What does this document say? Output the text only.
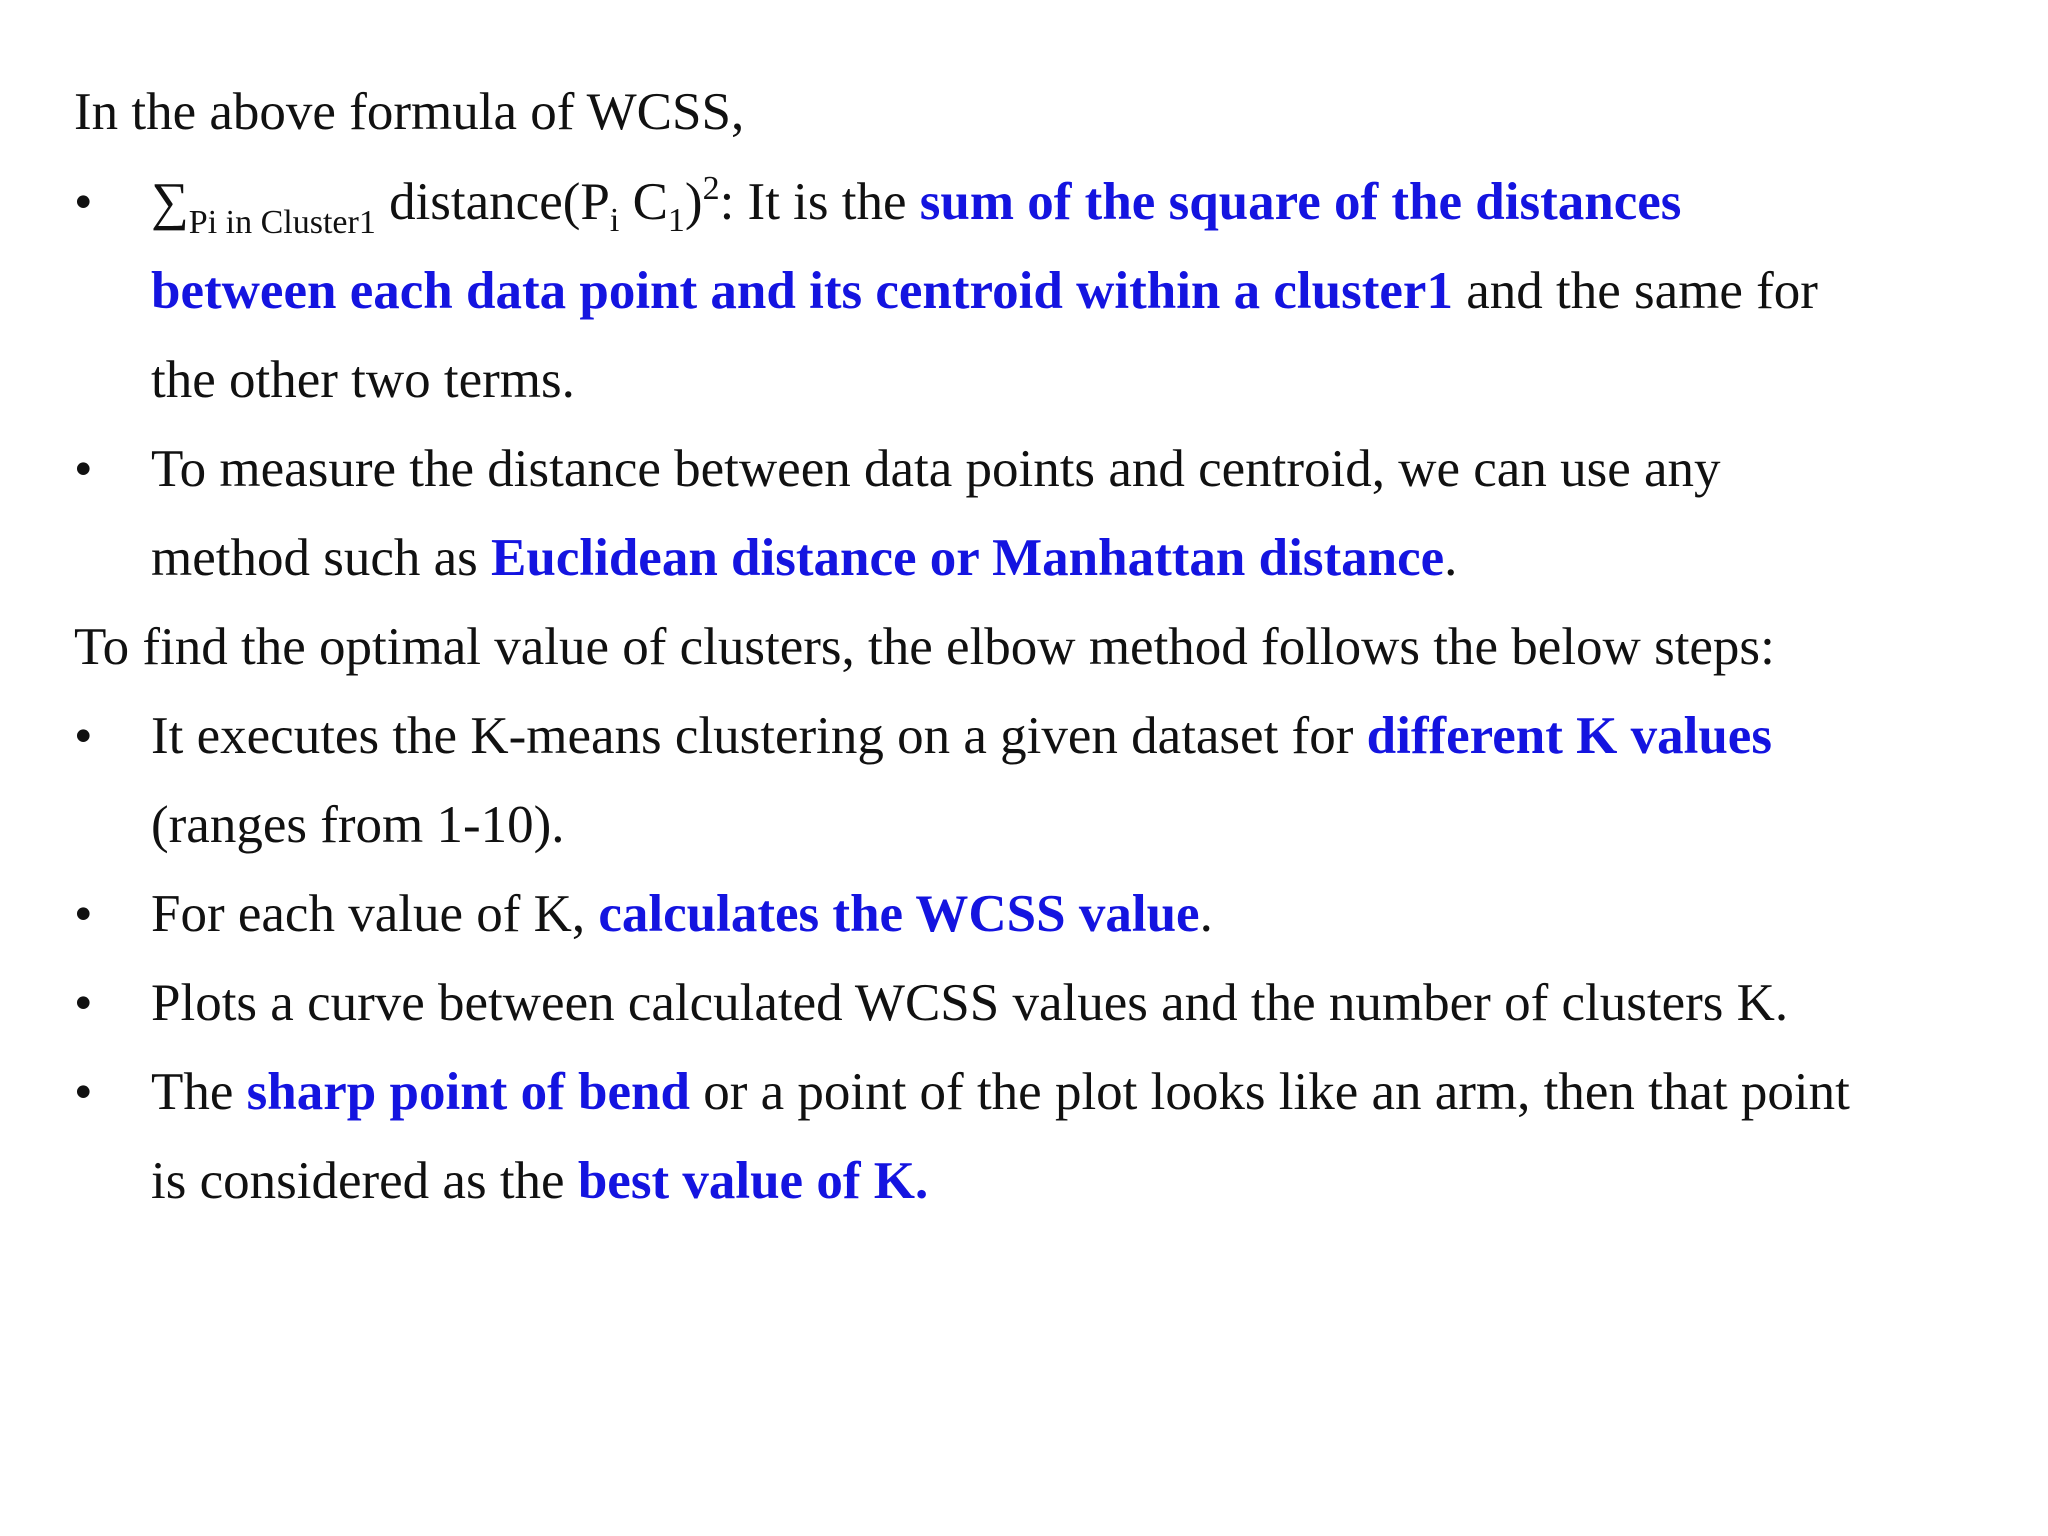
In the above formula of WCSS,
• $\sum_{Pi in Cluster1}$ $distance(P_i$ $C_1)^2$: It is the sum of the square of the distances
between each data point and its centroid within a cluster1 and the same for
the other two terms.
• To measure the distance between data points and centroid, we can use any
method such as Euclidean distance or Manhattan distance.
To find the optimal value of clusters, the elbow method follows the below steps:
• It executes the K-means clustering on a given dataset for different K values
(ranges from 1-10).
• For each value of K, calculates the WCSS value.
• Plots a curve between calculated WCSS values and the number of clusters K.
• The sharp point of bend or a point of the plot looks like an arm, then that point
is considered as the best value of K.
